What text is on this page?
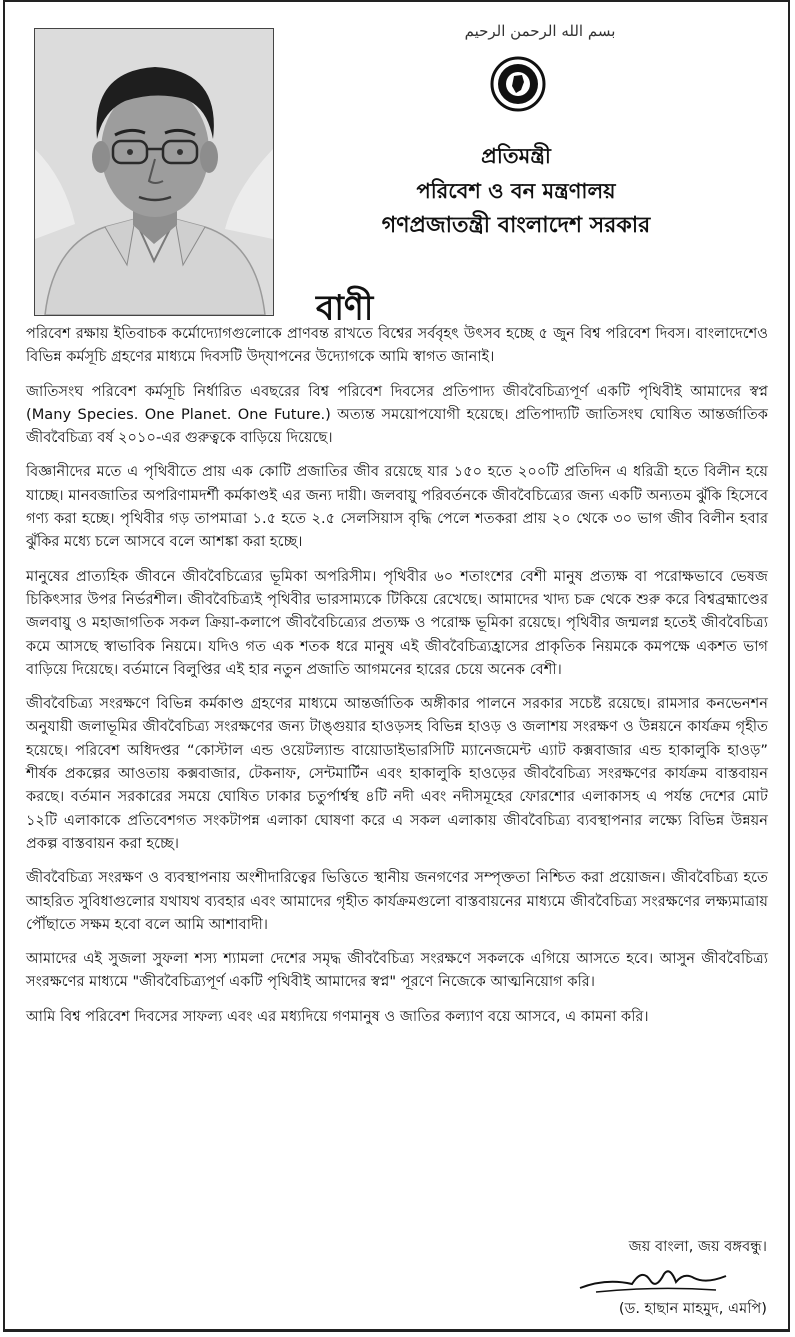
بسم الله الرحمن الرحيم
প্রতিমন্ত্রী
পরিবেশ ও বন মন্ত্রণালয়
গণপ্রজাতন্ত্রী বাংলাদেশ সরকার
বাণী

পরিবেশ রক্ষায় ইতিবাচক কর্মোদ্যোগগুলোকে প্রাণবন্ত রাখতে বিশ্বের সর্ববৃহৎ উৎসব হচ্ছে ৫ জুন বিশ্ব পরিবেশ দিবস। বাংলাদেশেও বিভিন্ন কর্মসূচি গ্রহণের মাধ্যমে দিবসটি উদ্‌যাপনের উদ্যোগকে আমি স্বাগত জানাই।

জাতিসংঘ পরিবেশ কর্মসূচি নির্ধারিত এবছরের বিশ্ব পরিবেশ দিবসের প্রতিপাদ্য জীববৈচিত্র্যপূর্ণ একটি পৃথিবীই আমাদের স্বপ্ন (Many Species. One Planet. One Future.) অত্যন্ত সময়োপযোগী হয়েছে। প্রতিপাদ্যটি জাতিসংঘ ঘোষিত আন্তর্জাতিক জীববৈচিত্র্য বর্ষ ২০১০-এর গুরুত্বকে বাড়িয়ে দিয়েছে।

বিজ্ঞানীদের মতে এ পৃথিবীতে প্রায় এক কোটি প্রজাতির জীব রয়েছে যার ১৫০ হতে ২০০টি প্রতিদিন এ ধরিত্রী হতে বিলীন হয়ে যাচ্ছে। মানবজাতির অপরিণামদর্শী কর্মকাণ্ডই এর জন্য দায়ী। জলবায়ু পরিবর্তনকে জীববৈচিত্র্যের জন্য একটি অন্যতম ঝুঁকি হিসেবে গণ্য করা হচ্ছে। পৃথিবীর গড় তাপমাত্রা ১.৫ হতে ২.৫ সেলসিয়াস বৃদ্ধি পেলে শতকরা প্রায় ২০ থেকে ৩০ ভাগ জীব বিলীন হবার ঝুঁকির মধ্যে চলে আসবে বলে আশঙ্কা করা হচ্ছে।

মানুষের প্রাত্যহিক জীবনে জীববৈচিত্র্যের ভূমিকা অপরিসীম। পৃথিবীর ৬০ শতাংশের বেশী মানুষ প্রত্যক্ষ বা পরোক্ষভাবে ভেষজ চিকিৎসার উপর নির্ভরশীল। জীববৈচিত্র্যই পৃথিবীর ভারসাম্যকে টিকিয়ে রেখেছে। আমাদের খাদ্য চক্র থেকে শুরু করে বিশ্বব্রহ্মাণ্ডের জলবায়ু ও মহাজাগতিক সকল ক্রিয়া-কলাপে জীববৈচিত্র্যের প্রত্যক্ষ ও পরোক্ষ ভূমিকা রয়েছে। পৃথিবীর জন্মলগ্ন হতেই জীববৈচিত্র্য কমে আসছে স্বাভাবিক নিয়মে। যদিও গত এক শতক ধরে মানুষ এই জীববৈচিত্র্যহ্রাসের প্রাকৃতিক নিয়মকে কমপক্ষে একশত ভাগ বাড়িয়ে দিয়েছে। বর্তমানে বিলুপ্তির এই হার নতুন প্রজাতি আগমনের হারের চেয়ে অনেক বেশী।

জীববৈচিত্র্য সংরক্ষণে বিভিন্ন কর্মকাণ্ড গ্রহণের মাধ্যমে আন্তর্জাতিক অঙ্গীকার পালনে সরকার সচেষ্ট রয়েছে। রামসার কনভেনশন অনুযায়ী জলাভূমির জীববৈচিত্র্য সংরক্ষণের জন্য টাঙ্গুয়ার হাওড়সহ বিভিন্ন হাওড় ও জলাশয় সংরক্ষণ ও উন্নয়নে কার্যক্রম গৃহীত হয়েছে। পরিবেশ অধিদপ্তর “কোস্টাল এন্ড ওয়েটল্যান্ড বায়োডাইভারসিটি ম্যানেজমেন্ট এ্যাট কক্সবাজার এন্ড হাকালুকি হাওড়” শীর্ষক প্রকল্পের আওতায় কক্সবাজার, টেকনাফ, সেন্টমার্টিন এবং হাকালুকি হাওড়ের জীববৈচিত্র্য সংরক্ষণের কার্যক্রম বাস্তবায়ন করছে। বর্তমান সরকারের সময়ে ঘোষিত ঢাকার চতুর্পার্শ্বস্থ ৪টি নদী এবং নদীসমূহের ফোরশোর এলাকাসহ এ পর্যন্ত দেশের মোট ১২টি এলাকাকে প্রতিবেশগত সংকটাপন্ন এলাকা ঘোষণা করে এ সকল এলাকায় জীববৈচিত্র্য ব্যবস্থাপনার লক্ষ্যে বিভিন্ন উন্নয়ন প্রকল্প বাস্তবায়ন করা হচ্ছে।

জীববৈচিত্র্য সংরক্ষণ ও ব্যবস্থাপনায় অংশীদারিত্বের ভিত্তিতে স্থানীয় জনগণের সম্পৃক্ততা নিশ্চিত করা প্রয়োজন। জীববৈচিত্র্য হতে আহরিত সুবিধাগুলোর যথাযথ ব্যবহার এবং আমাদের গৃহীত কার্যক্রমগুলো বাস্তবায়নের মাধ্যমে জীববৈচিত্র্য সংরক্ষণের লক্ষ্যমাত্রায় পৌঁছাতে সক্ষম হবো বলে আমি আশাবাদী।

আমাদের এই সুজলা সুফলা শস্য শ্যামলা দেশের সমৃদ্ধ জীববৈচিত্র্য সংরক্ষণে সকলকে এগিয়ে আসতে হবে। আসুন জীববৈচিত্র্য সংরক্ষণের মাধ্যমে "জীববৈচিত্র্যপূর্ণ একটি পৃথিবীই আমাদের স্বপ্ন" পূরণে নিজেকে আত্মনিয়োগ করি।

আমি বিশ্ব পরিবেশ দিবসের সাফল্য এবং এর মধ্যদিয়ে গণমানুষ ও জাতির কল্যাণ বয়ে আসবে, এ কামনা করি।

জয় বাংলা, জয় বঙ্গবন্ধু।
(ড. হাছান মাহমুদ, এমপি)
